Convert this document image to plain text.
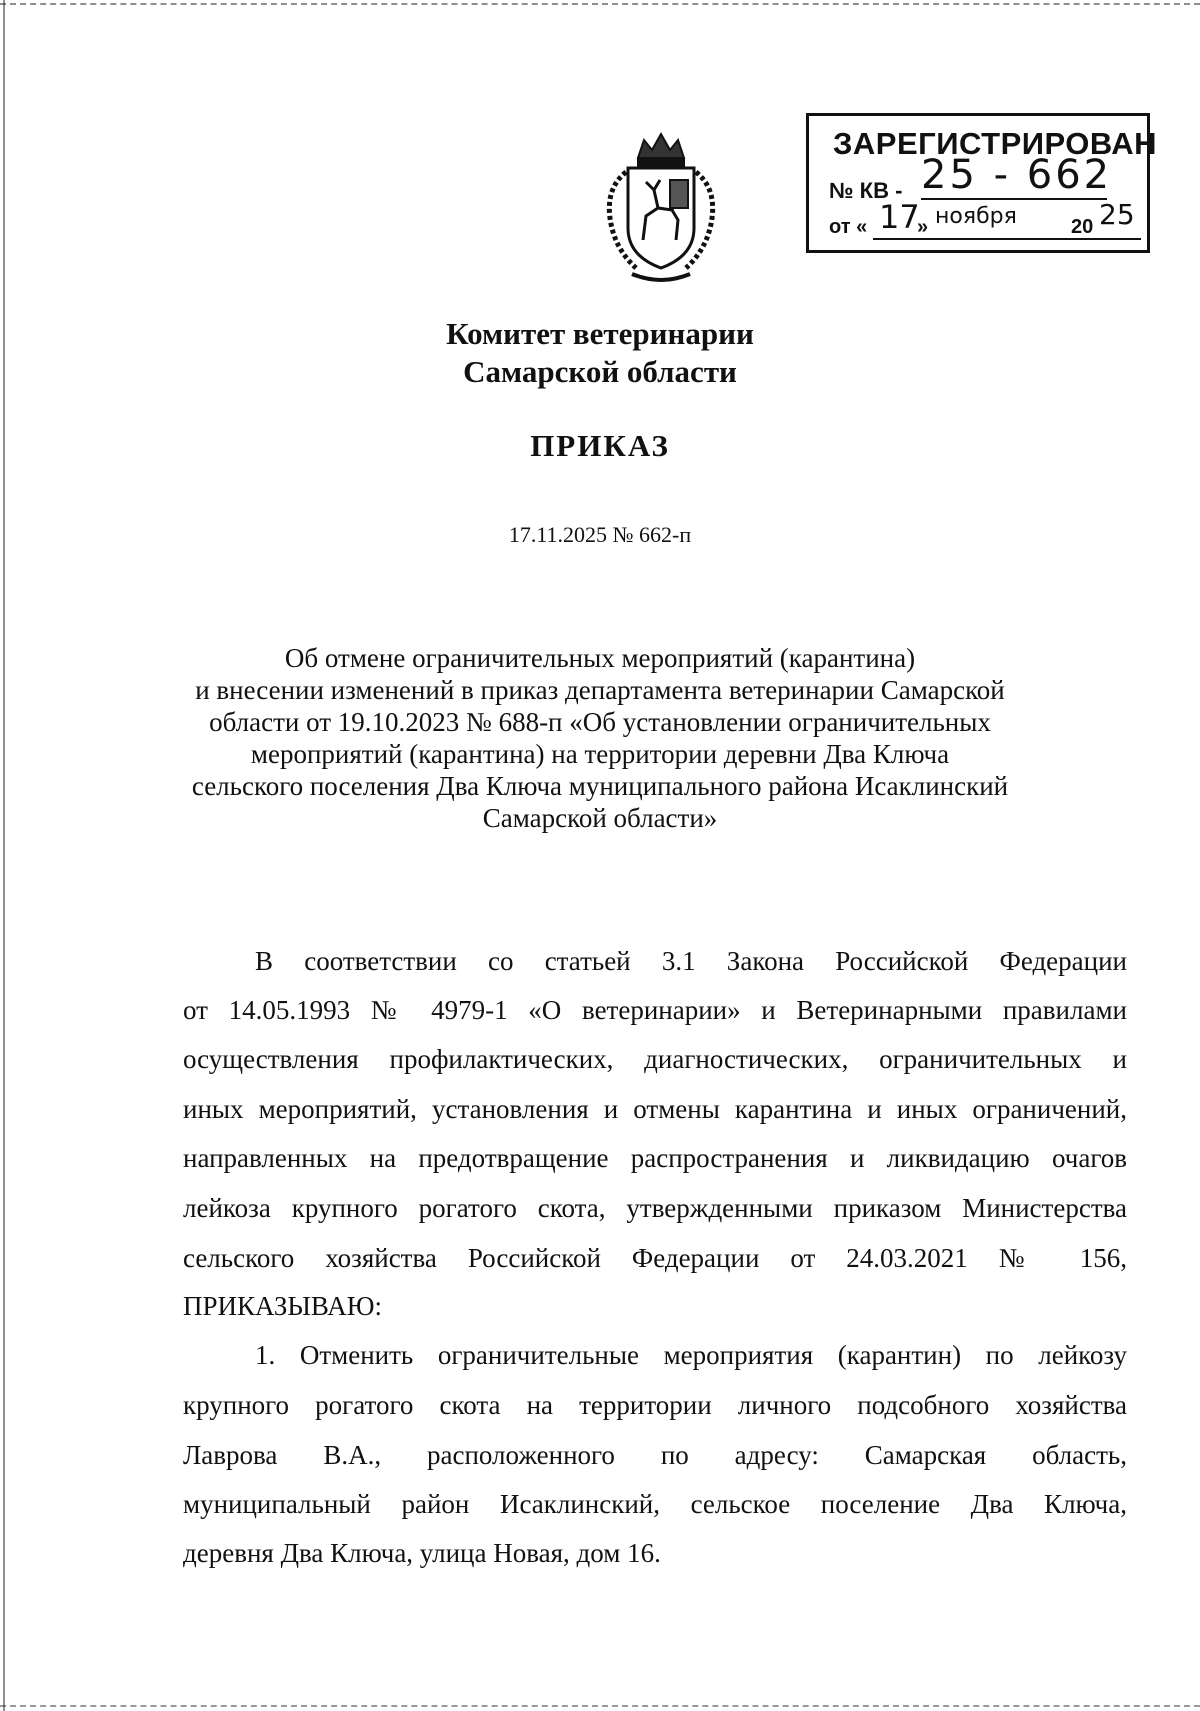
ЗАРЕГИСТРИРОВАН
№ КВ - 25 - 662
от « 17
» ноября	20 25
Комитет ветеринарии
Самарской области
ПРИКАЗ
17.11.2025 № 662-п
Об отмене ограничительных мероприятий (карантина)
и внесении изменений в приказ департамента ветеринарии Самарской
области от 19.10.2023 № 688-п «Об установлении ограничительных
мероприятий (карантина) на территории деревни Два Ключа
сельского поселения Два Ключа муниципального района Исаклинский
Самарской области»
В соответствии со статьей 3.1 Закона Российской Федерации
от 14.05.1993 № 4979-1 «О ветеринарии» и Ветеринарными правилами
осуществления профилактических, диагностических, ограничительных и
иных мероприятий, установления и отмены карантина и иных ограничений,
направленных на предотвращение распространения и ликвидацию очагов
лейкоза крупного рогатого скота, утвержденными приказом Министерства
сельского хозяйства Российской Федерации от 24.03.2021 № 156,
ПРИКАЗЫВАЮ:
1. Отменить ограничительные мероприятия (карантин) по лейкозу
крупного рогатого скота на территории личного подсобного хозяйства
Лаврова В.А., расположенного по адресу: Самарская область,
муниципальный район Исаклинский, сельское поселение Два Ключа,
деревня Два Ключа, улица Новая, дом 16.
